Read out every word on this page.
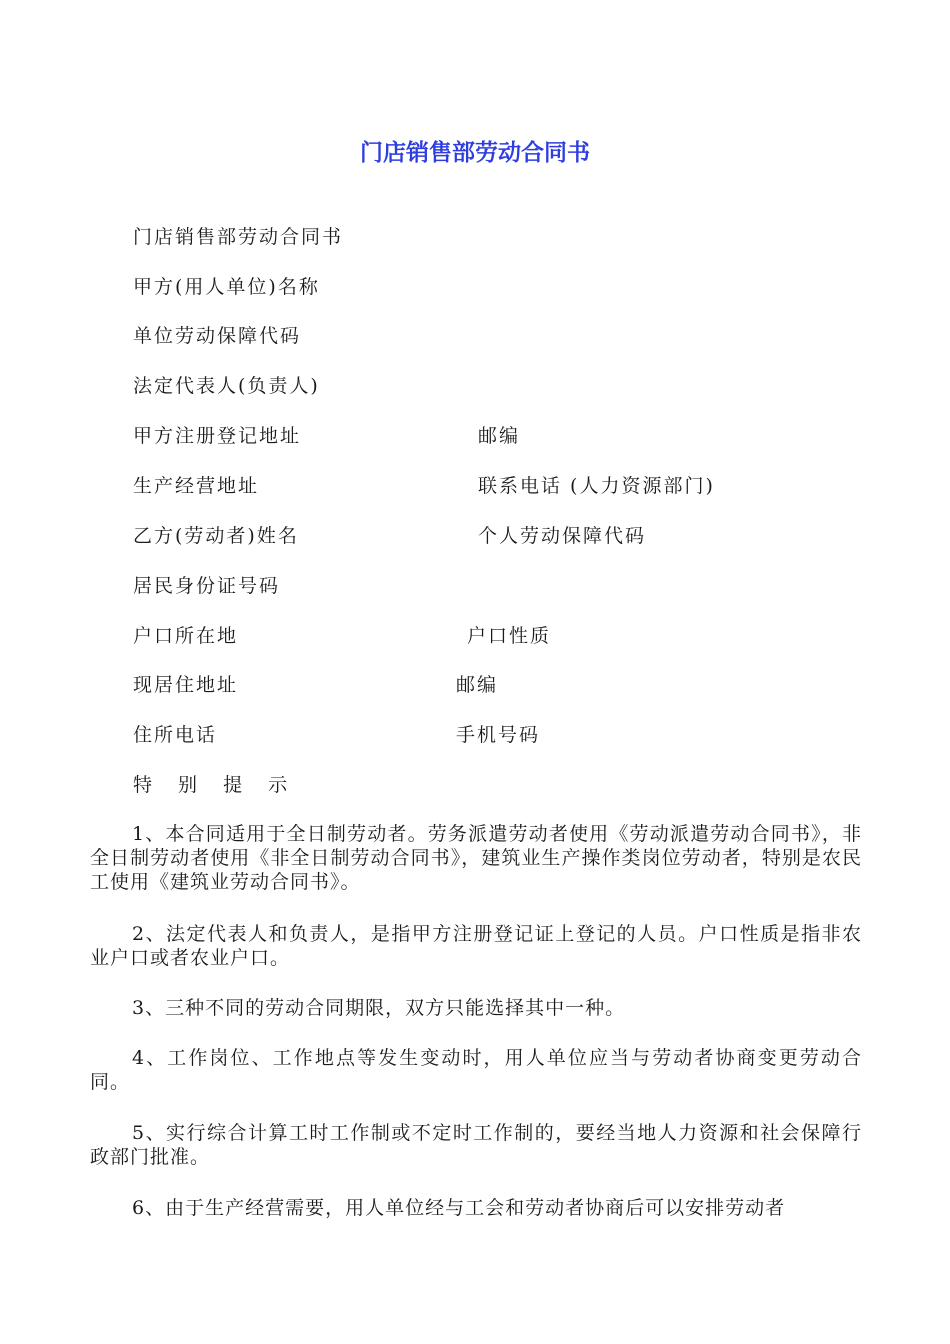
门店销售部劳动合同书
门店销售部劳动合同书
甲方(用人单位)名称
单位劳动保障代码
法定代表人(负责人)
甲方注册登记地址	邮编
生产经营地址	联系电话 (人力资源部门)
乙方(劳动者)姓名	个人劳动保障代码
居民身份证号码
户口所在地	户口性质
现居住地址	邮编
住所电话	手机号码
特 别 提 示
1、本合同适用于全日制劳动者。劳务派遣劳动者使用《劳动派遣劳动合同书》，非全日制劳动者使用《非全日制劳动合同书》，建筑业生产操作类岗位劳动者，特别是农民工使用《建筑业劳动合同书》。
2、法定代表人和负责人，是指甲方注册登记证上登记的人员。户口性质是指非农业户口或者农业户口。
3、三种不同的劳动合同期限，双方只能选择其中一种。
4、工作岗位、工作地点等发生变动时，用人单位应当与劳动者协商变更劳动合同。
5、实行综合计算工时工作制或不定时工作制的，要经当地人力资源和社会保障行政部门批准。
6、由于生产经营需要，用人单位经与工会和劳动者协商后可以安排劳动者
